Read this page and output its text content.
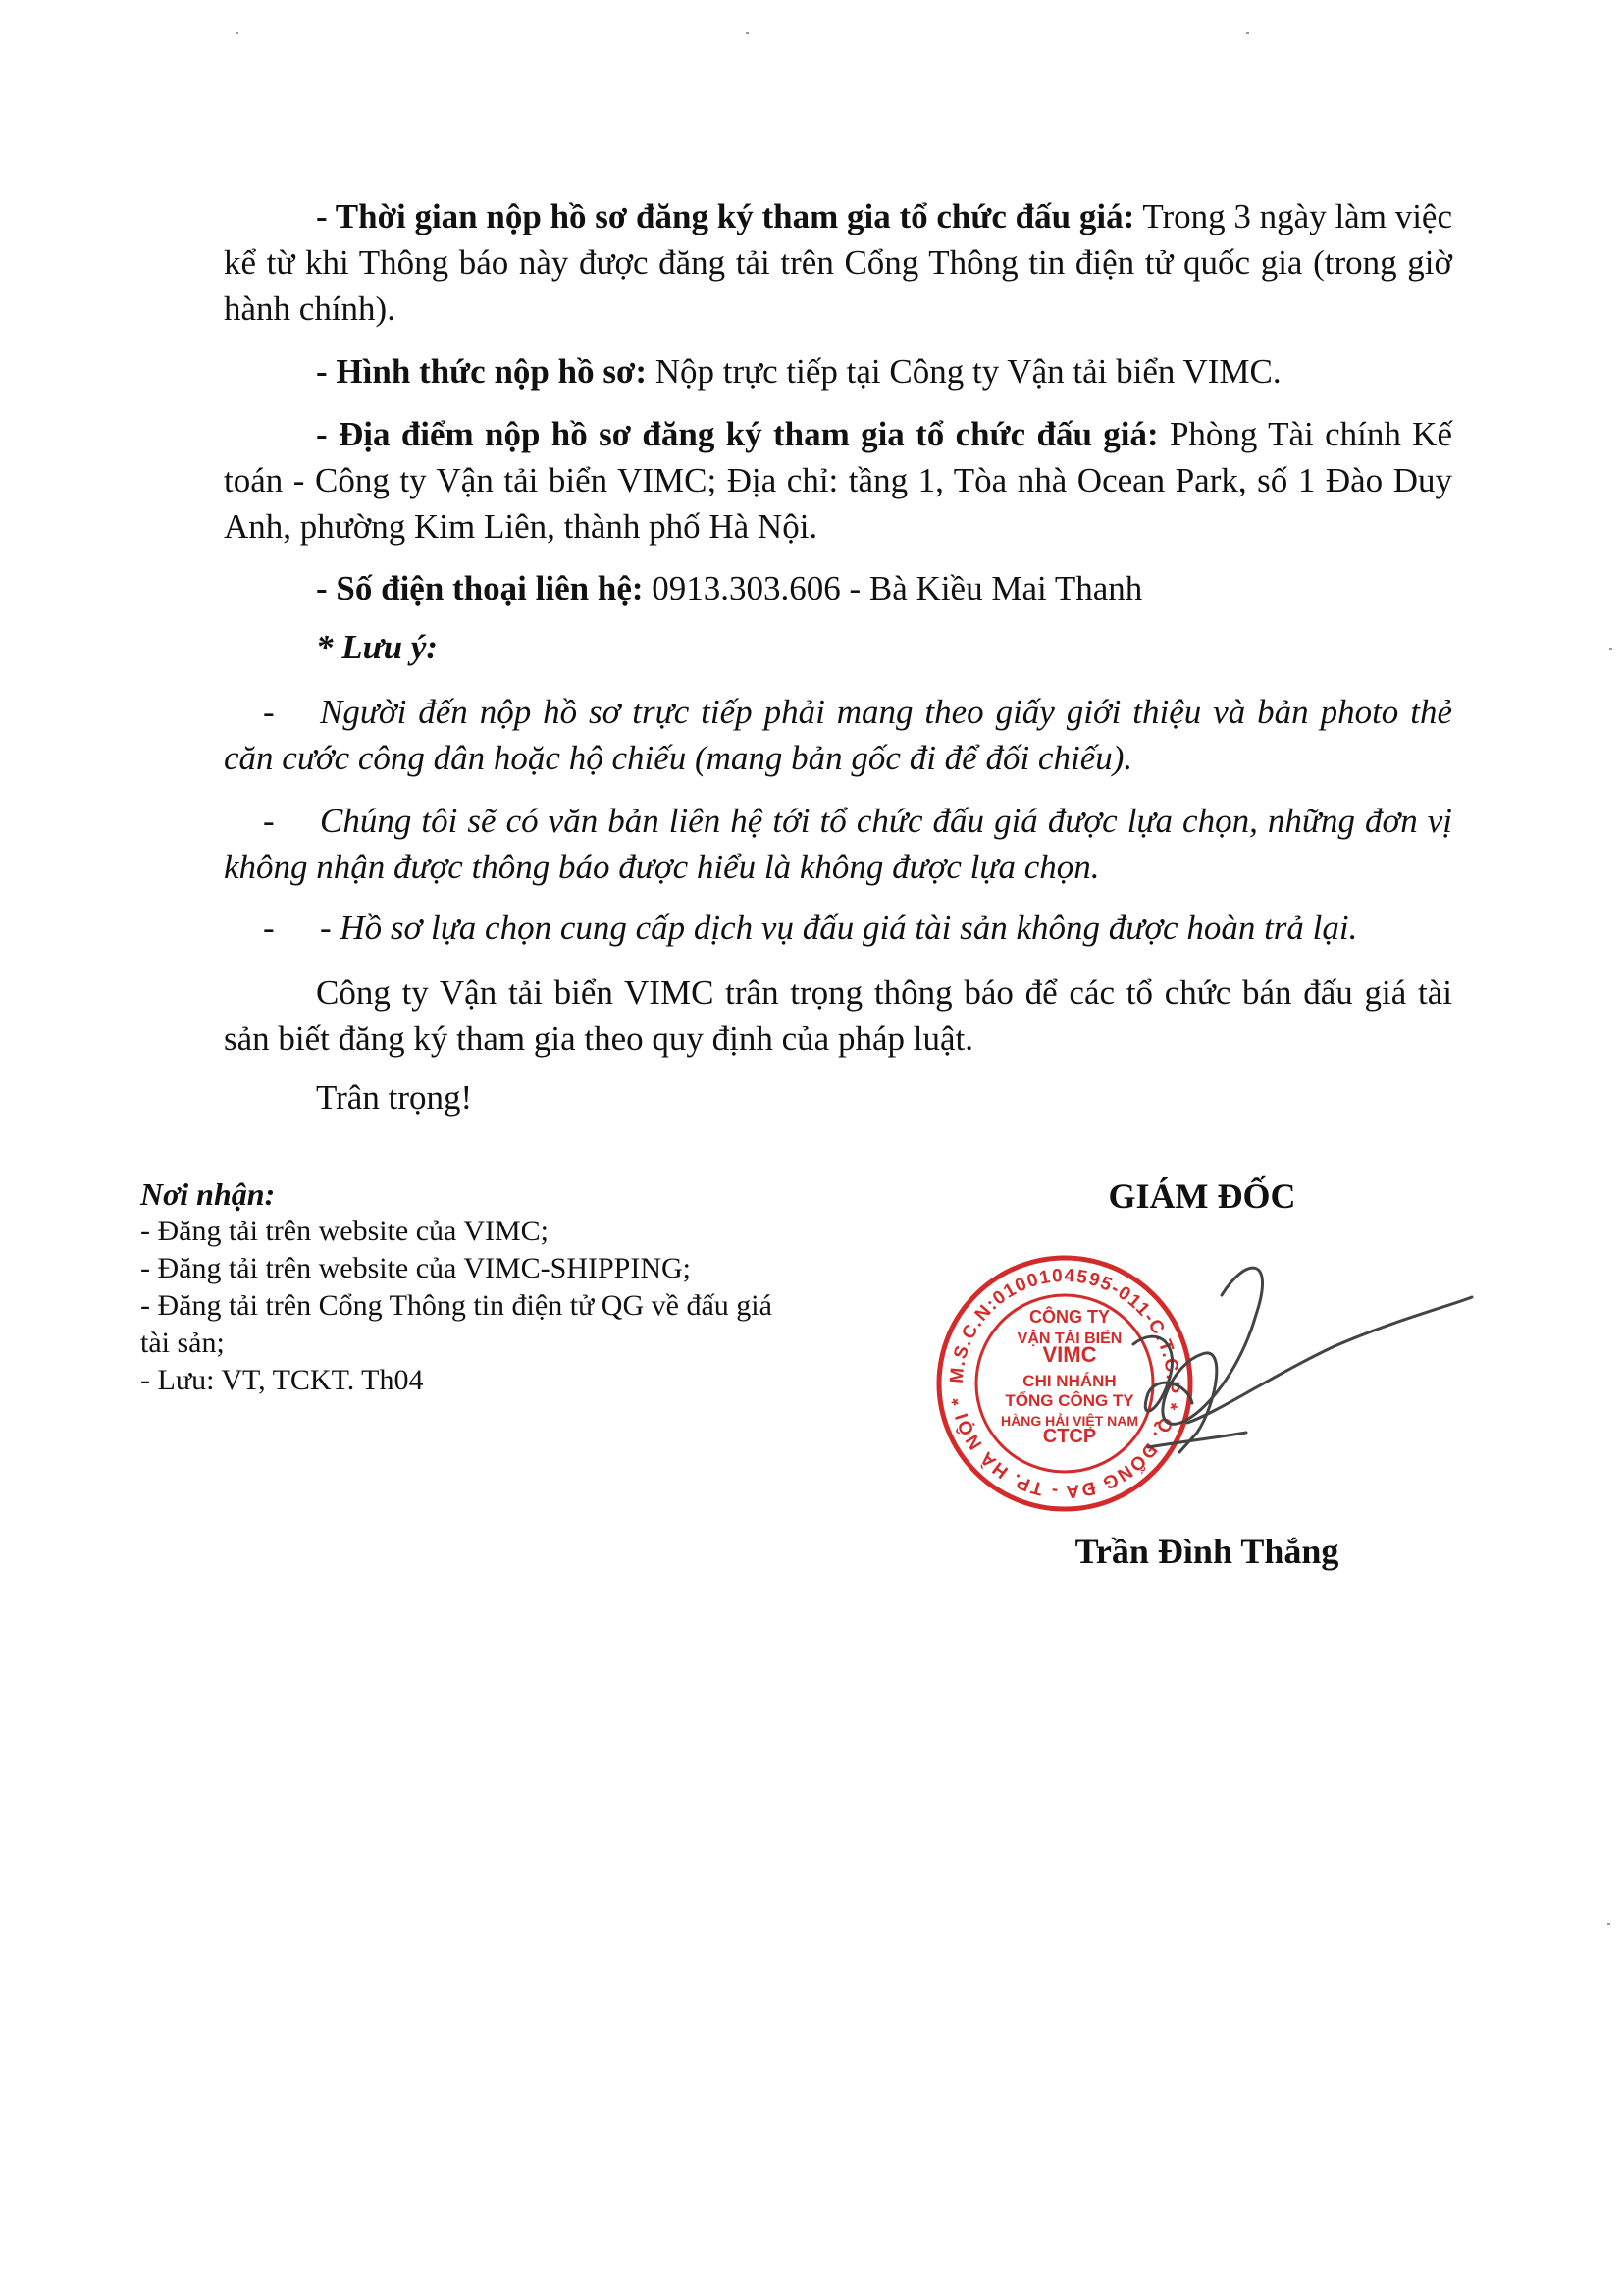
- Thời gian nộp hồ sơ đăng ký tham gia tổ chức đấu giá: Trong 3 ngày làm việc kể từ khi Thông báo này được đăng tải trên Cổng Thông tin điện tử quốc gia (trong giờ hành chính).
- Hình thức nộp hồ sơ: Nộp trực tiếp tại Công ty Vận tải biển VIMC.
- Địa điểm nộp hồ sơ đăng ký tham gia tổ chức đấu giá: Phòng Tài chính Kế toán - Công ty Vận tải biển VIMC; Địa chỉ: tầng 1, Tòa nhà Ocean Park, số 1 Đào Duy Anh, phường Kim Liên, thành phố Hà Nội.
- Số điện thoại liên hệ: 0913.303.606 - Bà Kiều Mai Thanh
* Lưu ý:
-	Người đến nộp hồ sơ trực tiếp phải mang theo giấy giới thiệu và bản photo thẻ căn cước công dân hoặc hộ chiếu (mang bản gốc đi để đối chiếu).
-	Chúng tôi sẽ có văn bản liên hệ tới tổ chức đấu giá được lựa chọn, những đơn vị không nhận được thông báo được hiểu là không được lựa chọn.
-	- Hồ sơ lựa chọn cung cấp dịch vụ đấu giá tài sản không được hoàn trả lại.
Công ty Vận tải biển VIMC trân trọng thông báo để các tổ chức bán đấu giá tài sản biết đăng ký tham gia theo quy định của pháp luật.
Trân trọng!
Nơi nhận:
- Đăng tải trên website của VIMC;
- Đăng tải trên website của VIMC-SHIPPING;
- Đăng tải trên Cổng Thông tin điện tử QG về đấu giá tài sản;
- Lưu: VT, TCKT. Th04
GIÁM ĐỐC
M.S.C.N:0100104595-011-C.T.C.P * Q. ĐỐNG ĐA - TP. HÀ NỘI *
CÔNG TY
VẬN TẢI BIỂN
VIMC
CHI NHÁNH
TỔNG CÔNG TY
HÀNG HẢI VIỆT NAM
CTCP
Trần Đình Thắng
